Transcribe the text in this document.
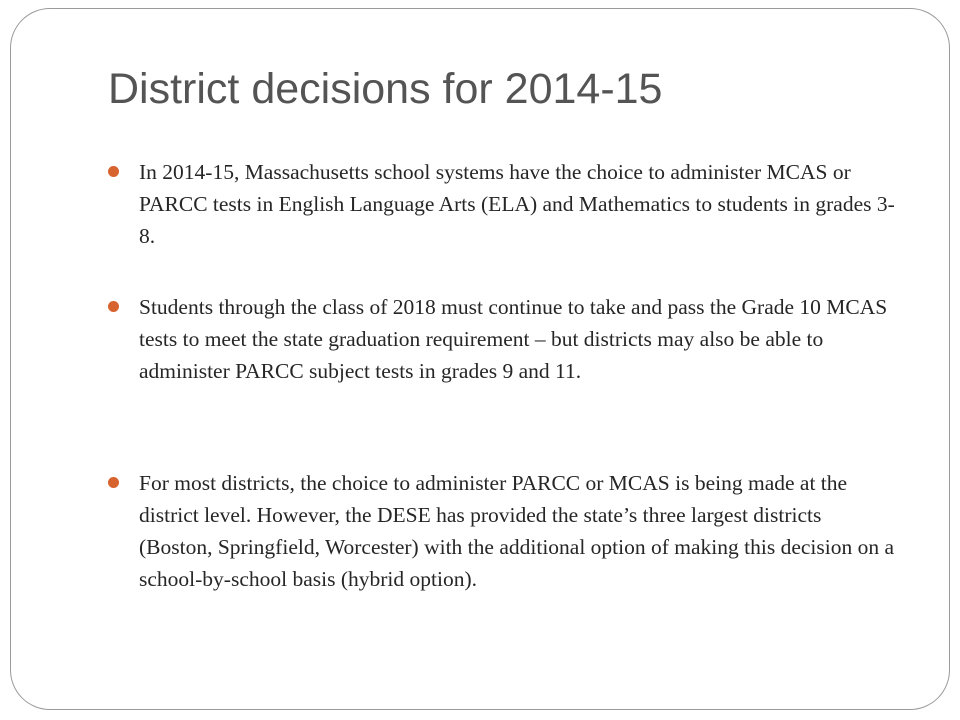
District decisions for 2014-15
In 2014-15, Massachusetts school systems have the choice to administer MCAS or PARCC tests in English Language Arts (ELA) and Mathematics to students in grades 3-8.
Students through the class of 2018 must continue to take and pass the Grade 10 MCAS tests to meet the state graduation requirement – but districts may also be able to administer PARCC subject tests in grades 9 and 11.
For most districts, the choice to administer PARCC or MCAS is being made at the district level. However, the DESE has provided the state’s three largest districts (Boston, Springfield, Worcester) with the additional option of making this decision on a school-by-school basis (hybrid option).
